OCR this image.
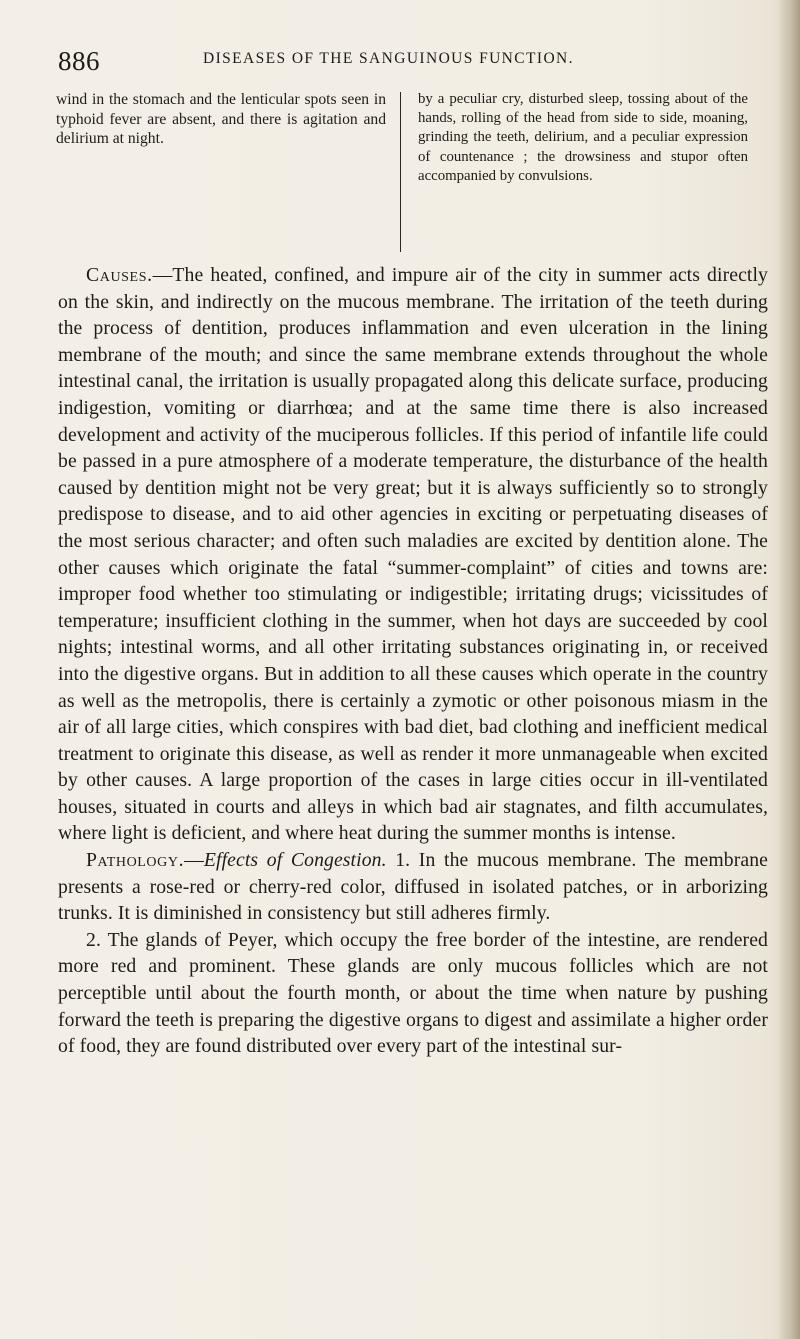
886	DISEASES OF THE SANGUINOUS FUNCTION.
wind in the stomach and the lenticular spots seen in typhoid fever are absent, and there is agitation and delirium at night.
by a peculiar cry, disturbed sleep, tossing about of the hands, rolling of the head from side to side, moaning, grinding the teeth, delirium, and a peculiar expression of countenance ; the drowsiness and stupor often accompanied by convulsions.

Causes.—The heated, confined, and impure air of the city in summer acts directly on the skin, and indirectly on the mucous membrane. The irritation of the teeth during the process of dentition, produces inflammation and even ulceration in the lining membrane of the mouth; and since the same membrane extends throughout the whole intestinal canal, the irritation is usually propagated along this delicate surface, producing indigestion, vomiting or diarrhœa; and at the same time there is also increased development and activity of the muciperous follicles. If this period of infantile life could be passed in a pure atmosphere of a moderate temperature, the disturbance of the health caused by dentition might not be very great; but it is always sufficiently so to strongly predispose to disease, and to aid other agencies in exciting or perpetuating diseases of the most serious character; and often such maladies are excited by dentition alone. The other causes which originate the fatal “summer-complaint” of cities and towns are: improper food whether too stimulating or indigestible; irritating drugs; vicissitudes of temperature; insufficient clothing in the summer, when hot days are succeeded by cool nights; intestinal worms, and all other irritating substances originating in, or received into the digestive organs. But in addition to all these causes which operate in the country as well as the metropolis, there is certainly a zymotic or other poisonous miasm in the air of all large cities, which conspires with bad diet, bad clothing and inefficient medical treatment to originate this disease, as well as render it more unmanageable when excited by other causes. A large proportion of the cases in large cities occur in ill-ventilated houses, situated in courts and alleys in which bad air stagnates, and filth accumulates, where light is deficient, and where heat during the summer months is intense.

Pathology.—Effects of Congestion. 1. In the mucous membrane. The membrane presents a rose-red or cherry-red color, diffused in isolated patches, or in arborizing trunks. It is diminished in consistency but still adheres firmly.

2. The glands of Peyer, which occupy the free border of the intestine, are rendered more red and prominent. These glands are only mucous follicles which are not perceptible until about the fourth month, or about the time when nature by pushing forward the teeth is preparing the digestive organs to digest and assimilate a higher order of food, they are found distributed over every part of the intestinal sur-
